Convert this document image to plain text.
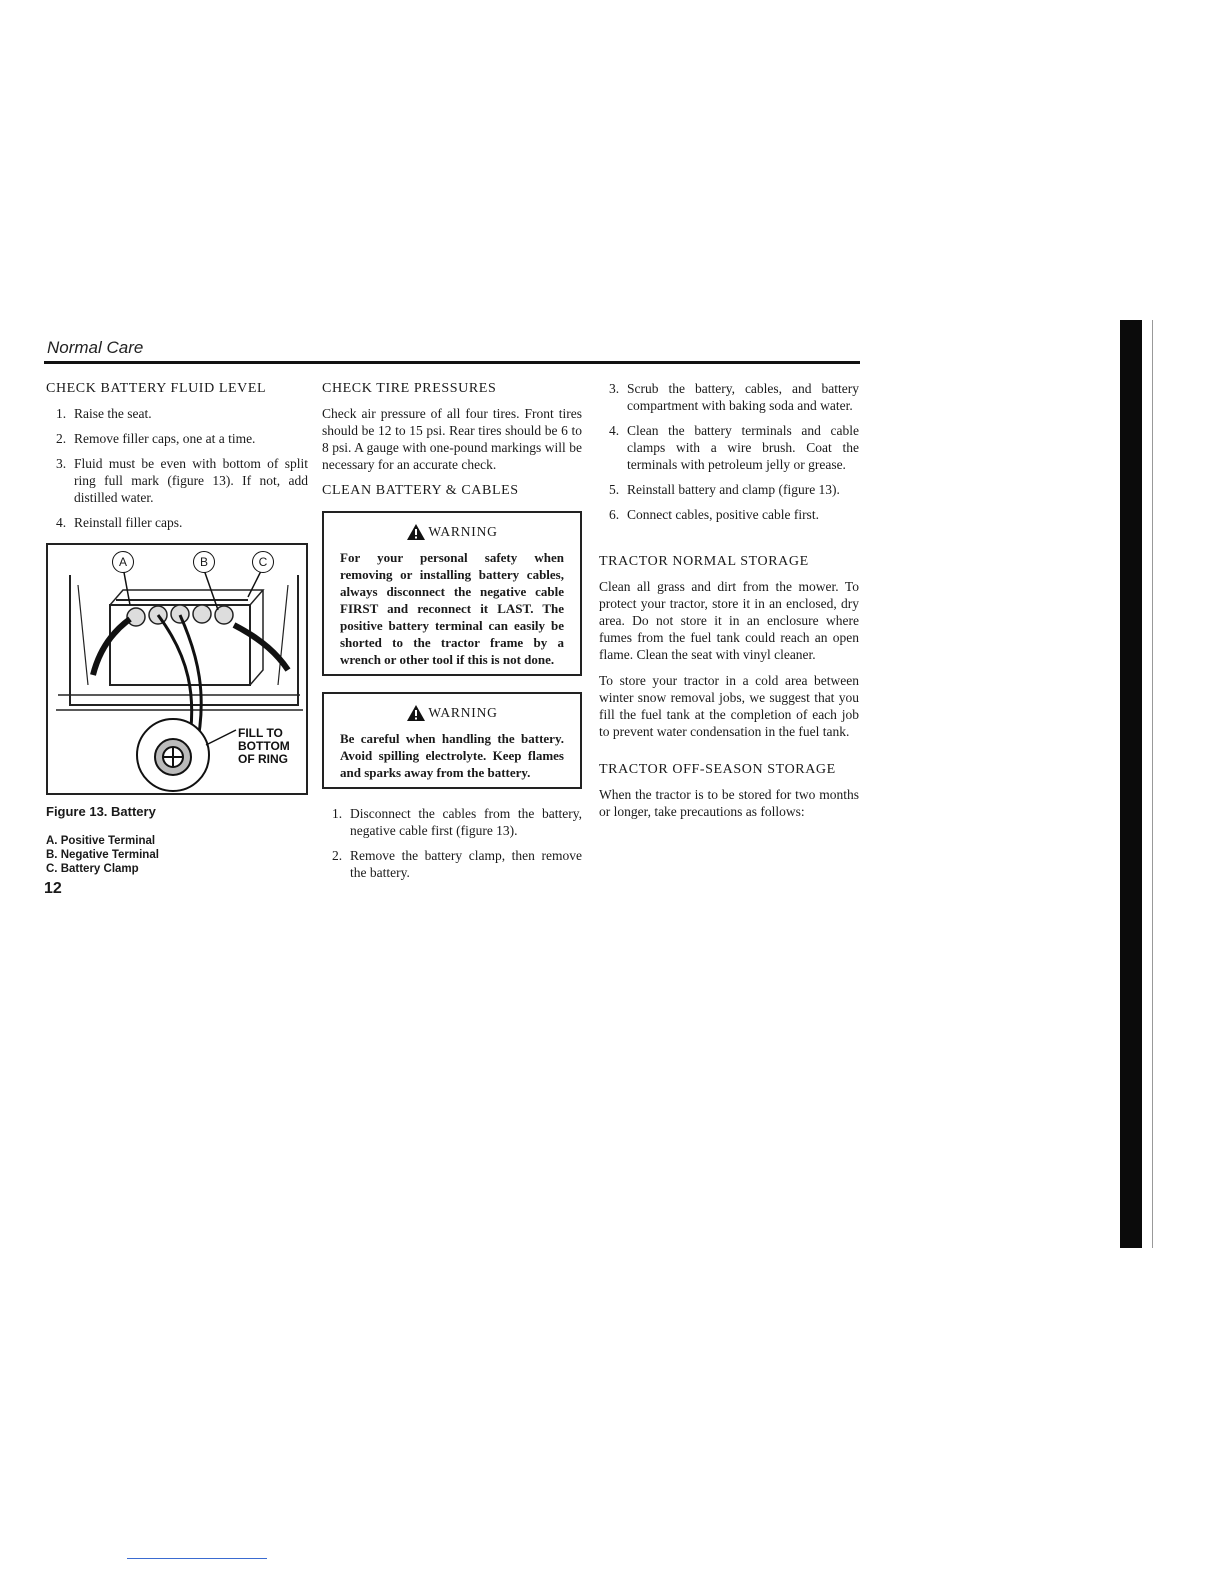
Normal Care
CHECK BATTERY FLUID LEVEL
1. Raise the seat.
2. Remove filler caps, one at a time.
3. Fluid must be even with bottom of split ring full mark (figure 13). If not, add distilled water.
4. Reinstall filler caps.
A	B	C
FILL TO
BOTTOM
OF RING
Figure 13. Battery
A. Positive Terminal
B. Negative Terminal
C. Battery Clamp
CHECK TIRE PRESSURES

Check air pressure of all four tires. Front tires should be 12 to 15 psi. Rear tires should be 6 to 8 psi. A gauge with one-pound markings will be necessary for an accurate check.

CLEAN BATTERY & CABLES
WARNING
For your personal safety when removing or installing battery cables, always disconnect the negative cable FIRST and reconnect it LAST. The positive battery terminal can easily be shorted to the tractor frame by a wrench or other tool if this is not done.
WARNING
Be careful when handling the battery. Avoid spilling electrolyte. Keep flames and sparks away from the battery.
1. Disconnect the cables from the battery, negative cable first (figure 13).
2. Remove the battery clamp, then remove the battery.
3. Scrub the battery, cables, and battery compartment with baking soda and water.
4. Clean the battery terminals and cable clamps with a wire brush. Coat the terminals with petroleum jelly or grease.
5. Reinstall battery and clamp (figure 13).
6. Connect cables, positive cable first.
TRACTOR NORMAL STORAGE

Clean all grass and dirt from the mower. To protect your tractor, store it in an enclosed, dry area. Do not store it in an enclosure where fumes from the fuel tank could reach an open flame. Clean the seat with vinyl cleaner.

To store your tractor in a cold area between winter snow removal jobs, we suggest that you fill the fuel tank at the completion of each job to prevent water condensation in the fuel tank.

TRACTOR OFF-SEASON STORAGE

When the tractor is to be stored for two months or longer, take precautions as follows:

12
